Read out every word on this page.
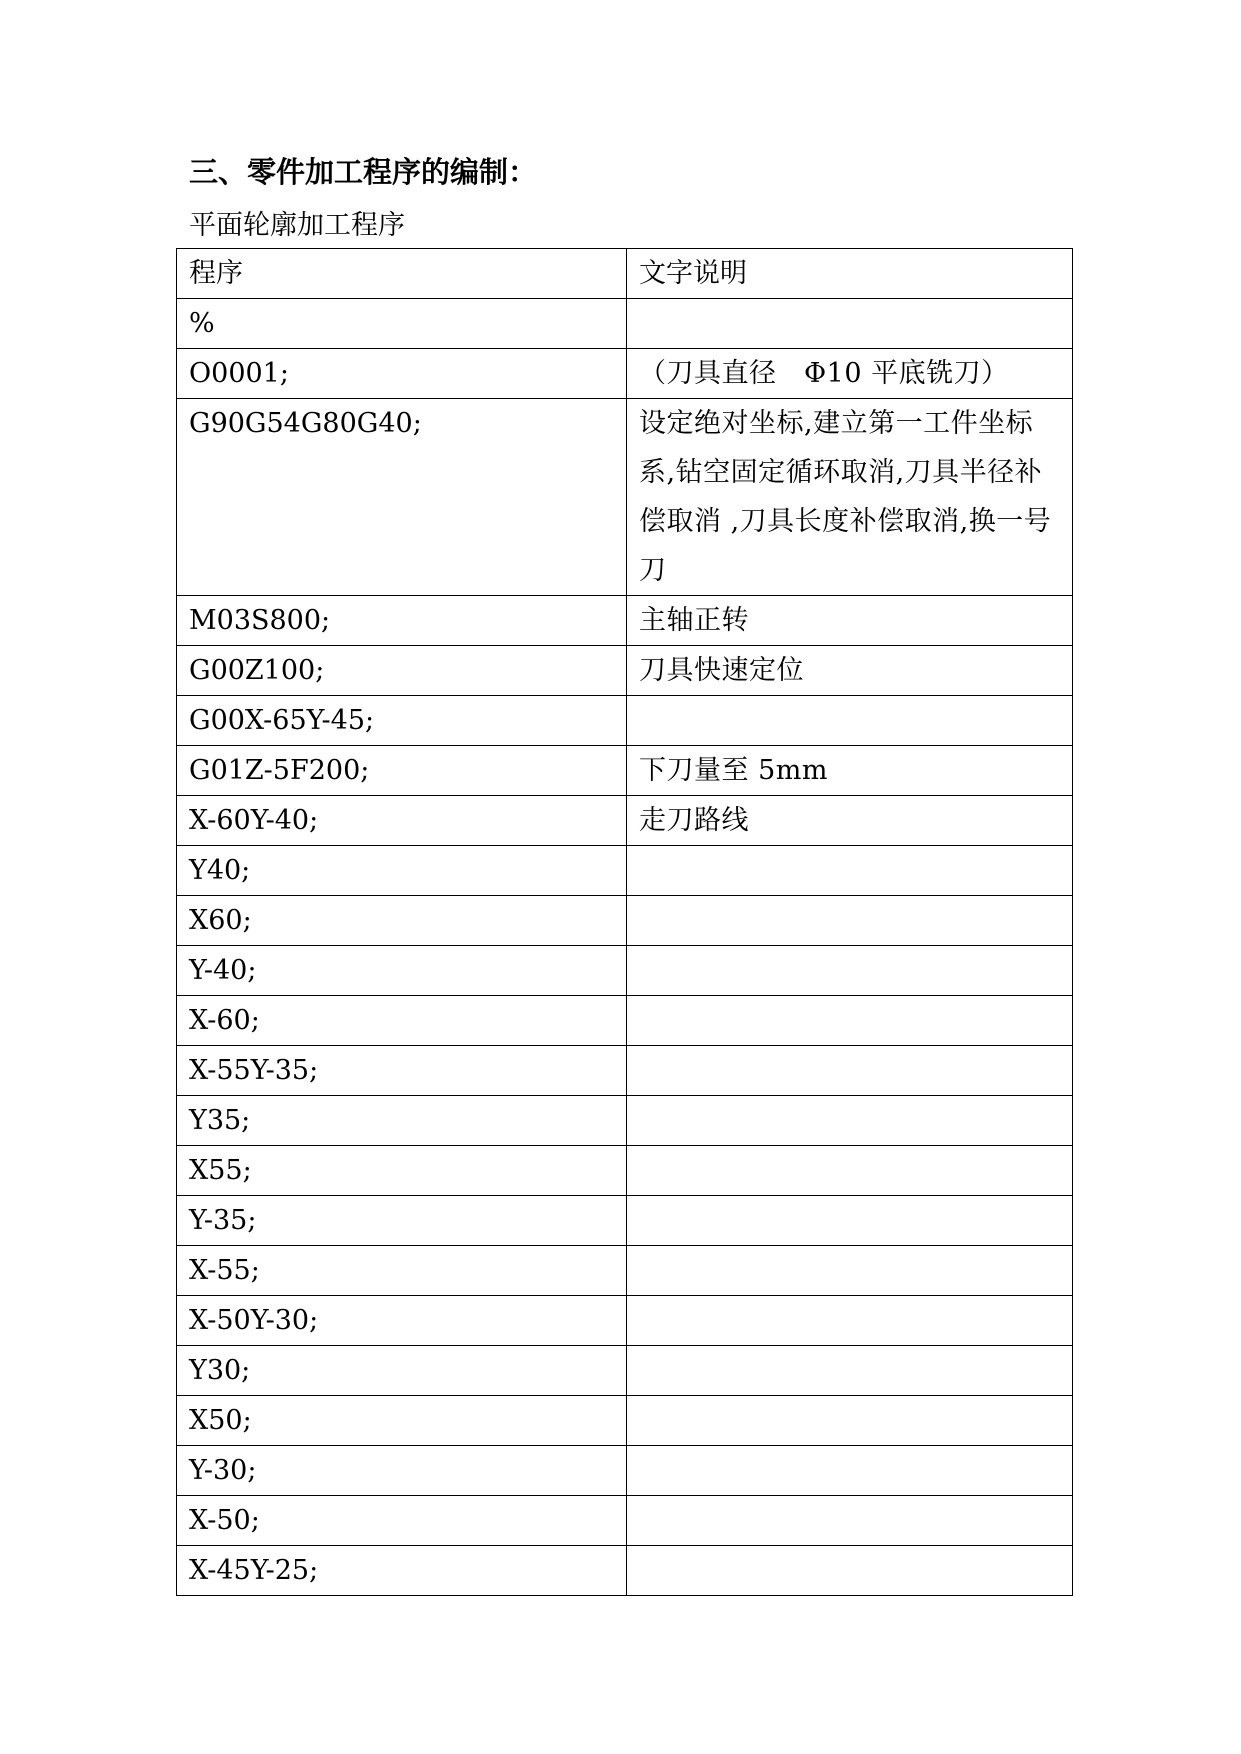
三、零件加工程序的编制：
平面轮廓加工程序
程序	文字说明
%	
O0001;	（刀具直径　Φ10 平底铣刀）
G90G54G80G40;	设定绝对坐标,建立第一工件坐标系,钻空固定循环取消,刀具半径补偿取消 ,刀具长度补偿取消,换一号刀
M03S800;	主轴正转
G00Z100;	刀具快速定位
G00X-65Y-45;	
G01Z-5F200;	下刀量至 5mm
X-60Y-40;	走刀路线
Y40;	
X60;	
Y-40;	
X-60;	
X-55Y-35;	
Y35;	
X55;	
Y-35;	
X-55;	
X-50Y-30;	
Y30;	
X50;	
Y-30;	
X-50;	
X-45Y-25;	
